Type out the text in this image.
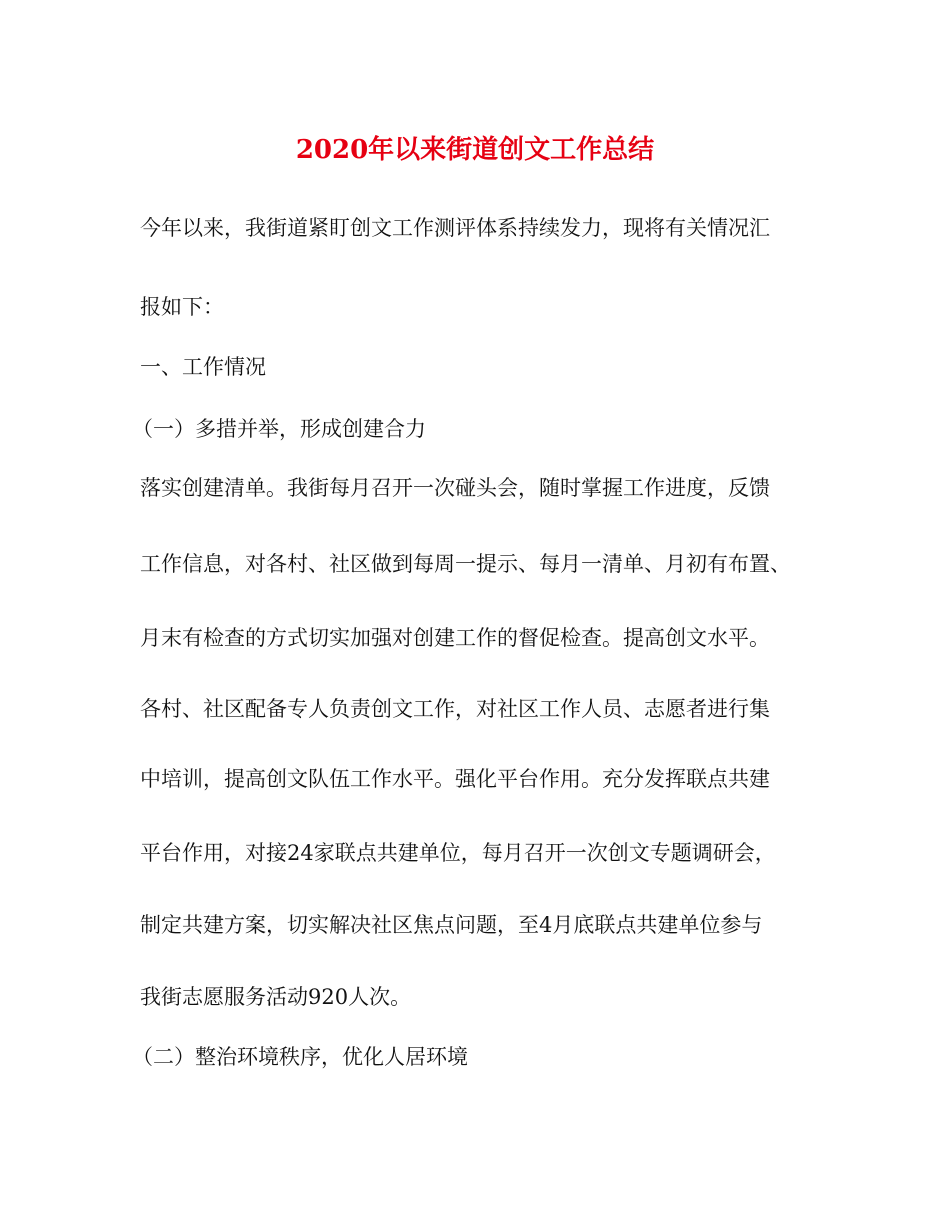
2020年以来街道创文工作总结
今年以来，我街道紧盯创文工作测评体系持续发力，现将有关情况汇
报如下：
一、工作情况
（一）多措并举，形成创建合力
落实创建清单。我街每月召开一次碰头会，随时掌握工作进度，反馈
工作信息，对各村、社区做到每周一提示、每月一清单、月初有布置、
月末有检查的方式切实加强对创建工作的督促检查。提高创文水平。
各村、社区配备专人负责创文工作，对社区工作人员、志愿者进行集
中培训，提高创文队伍工作水平。强化平台作用。充分发挥联点共建
平台作用，对接24家联点共建单位，每月召开一次创文专题调研会，
制定共建方案，切实解决社区焦点问题，至4月底联点共建单位参与
我街志愿服务活动920人次。
（二）整治环境秩序，优化人居环境
